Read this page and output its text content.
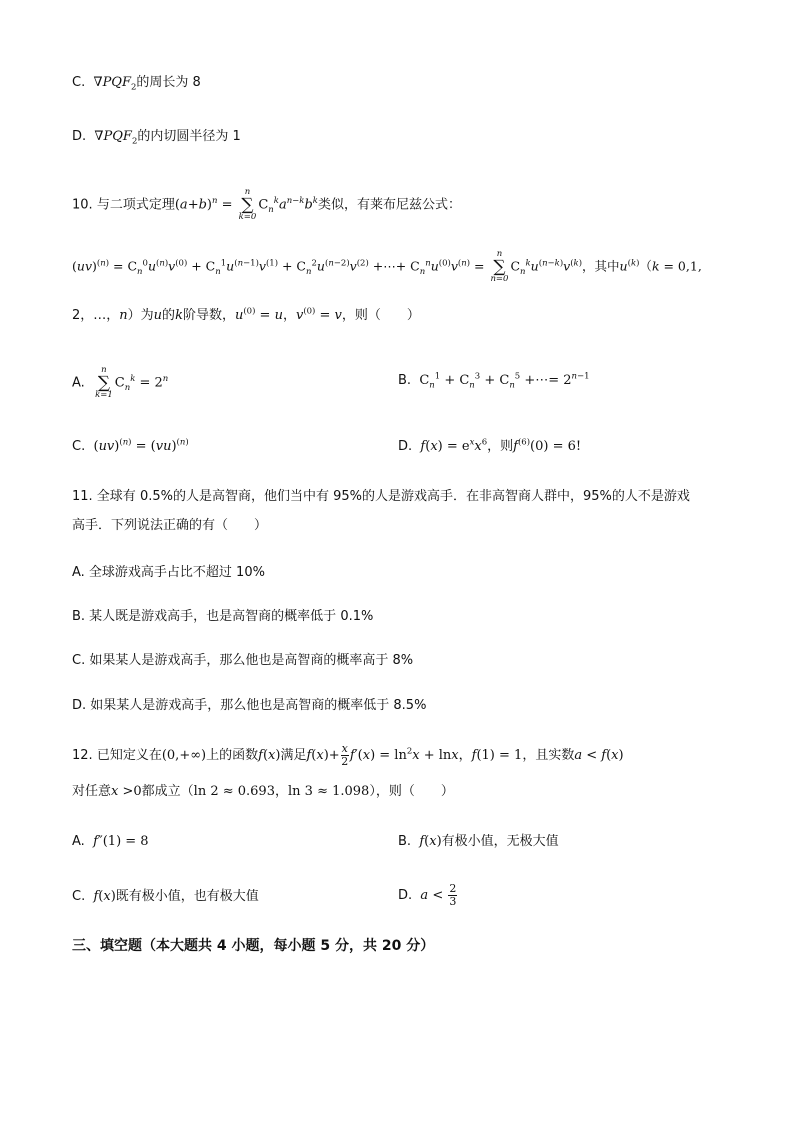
C. $\nabla PQF_2$的周长为 8
D. $\nabla PQF_2$的内切圆半径为 1
10. 与二项式定理$(a+b)^n$ =
n
∑
k=0
$C_n^ka^{n-k}b^k$类似，有莱布尼兹公式：
$(uv)^{(n)} = C_n^0u^{(n)}v^{(0)} + C_n^1u^{(n-1)}v^{(1)} + C_n^2u^{(n-2)}v^{(2)}$ +⋯+ $C_n^nu^{(0)}v^{(n)}$ =
n
∑
n=0
$C_n^ku^{(n-k)}v^{(k)}$，其中$u^{(k)}(k = 0,1$,
2，…，n）为u的k阶导数，$u^{(0)} = u$，$v^{(0)} = v$，则（　　）
A.
n
∑
k=1
$C_n^k = 2^n$	B. $C_n^1 + C_n^3 + C_n^5$ +⋯= $2^{n-1}$
C. (uv)$^{(n)}$ = (vu)$^{(n)}$	D. $f(x) = e^xx^6$，则$f^{(6)}(0) = 6$!
11. 全球有 0.5%的人是高智商，他们当中有 95%的人是游戏高手．在非高智商人群中，95%的人不是游戏
高手．下列说法正确的有（　　）
A. 全球游戏高手占比不超过 10%
B. 某人既是游戏高手，也是高智商的概率低于 0.1%
C. 如果某人是游戏高手，那么他也是高智商的概率高于 8%
D. 如果某人是游戏高手，那么他也是高智商的概率低于 8.5%
12. 已知定义在(0,+∞)上的函数f(x)满足$f(x)+ \frac{x}{2} f'(x) = \ln^2x + \ln x$，f(1) = 1，且实数a < f(x)
对任意x >0都成立（ln 2 ≈ 0.693，ln 3 ≈ 1.098），则（　　）
A. f″(1) = 8	B. f(x)有极小值，无极大值
C. f(x)既有极小值，也有极大值	D. $a < \frac{2}{3}$
三、填空题（本大题共 4 小题，每小题 5 分，共 20 分）
